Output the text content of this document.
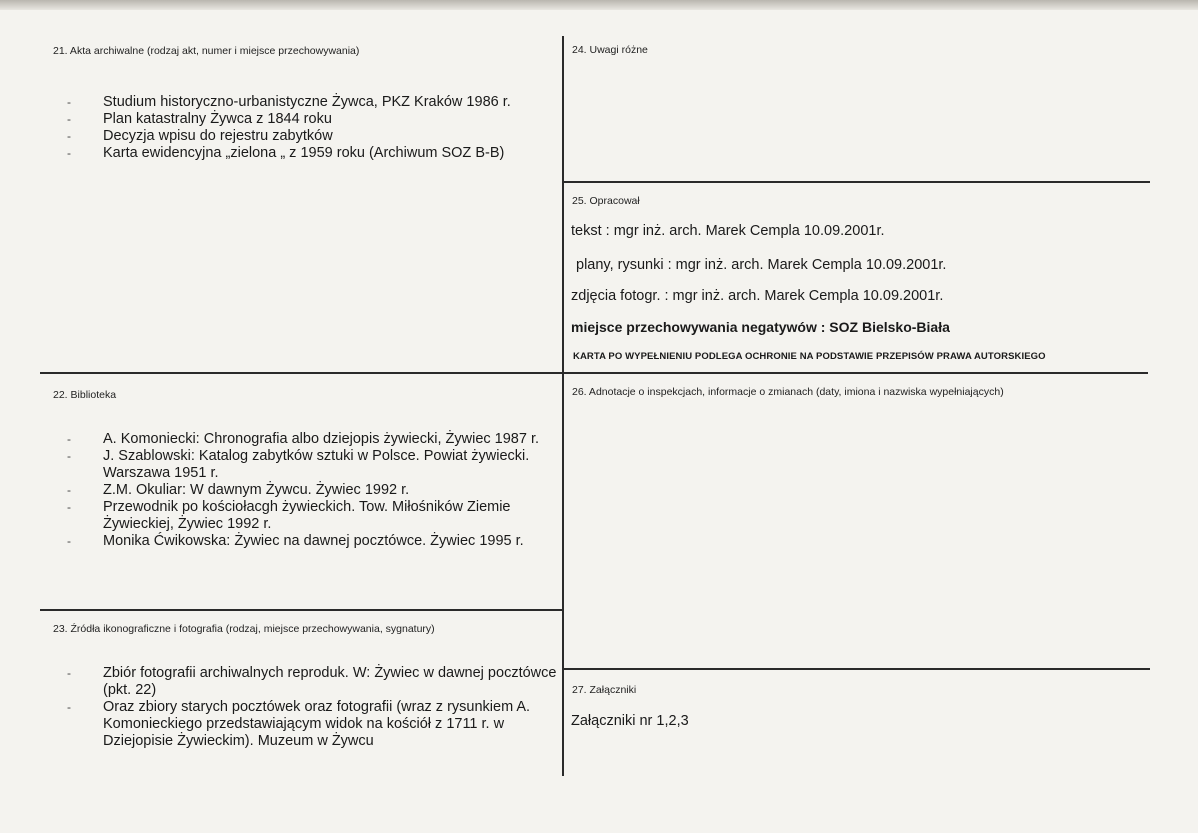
21. Akta archiwalne (rodzaj akt, numer i miejsce przechowywania)
- Studium historyczno-urbanistyczne Żywca, PKZ Kraków 1986 r.
- Plan katastralny Żywca z 1844 roku
- Decyzja wpisu do rejestru zabytków
- Karta ewidencyjna „zielona „ z 1959 roku (Archiwum SOZ B-B)
22. Biblioteka
- A. Komoniecki: Chronografia albo dziejopis żywiecki, Żywiec 1987 r.
- J. Szablowski: Katalog zabytków sztuki w Polsce. Powiat żywiecki. Warszawa 1951 r.
- Z.M. Okuliar: W dawnym Żywcu. Żywiec 1992 r.
- Przewodnik po kościołacgh żywieckich. Tow. Miłośników Ziemie Żywieckiej, Żywiec 1992 r.
- Monika Ćwikowska: Żywiec na dawnej pocztówce. Żywiec 1995 r.
23. Źródła ikonograficzne i fotografia (rodzaj, miejsce przechowywania, sygnatury)
- Zbiór fotografii archiwalnych reproduk. W: Żywiec w dawnej pocztówce (pkt. 22)
- Oraz zbiory starych pocztówek oraz fotografii (wraz z rysunkiem A. Komonieckiego przedstawiającym widok na kościół z 1711 r. w Dziejopisie Żywieckim). Muzeum w Żywcu
24. Uwagi różne
25. Opracował
tekst : mgr inż. arch. Marek Cempla 10.09.2001r.
plany, rysunki : mgr inż. arch. Marek Cempla 10.09.2001r.
zdjęcia fotogr. : mgr inż. arch. Marek Cempla 10.09.2001r.
miejsce przechowywania negatywów : SOZ Bielsko-Biała
KARTA PO WYPEŁNIENIU PODLEGA OCHRONIE NA PODSTAWIE PRZEPISÓW PRAWA AUTORSKIEGO
26. Adnotacje o inspekcjach, informacje o zmianach (daty, imiona i nazwiska wypełniających)
27. Załączniki
Załączniki nr 1,2,3
